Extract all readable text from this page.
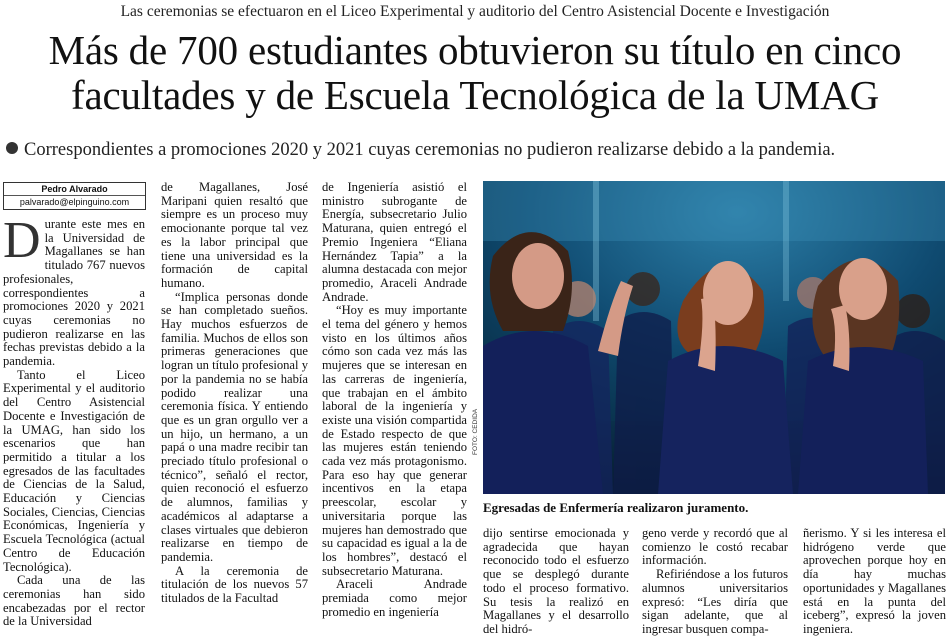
Las ceremonias se efectuaron en el Liceo Experimental y auditorio del Centro Asistencial Docente e Investigación
Más de 700 estudiantes obtuvieron su título en cinco
facultades y de Escuela Tecnológica de la UMAG
Correspondientes a promociones 2020 y 2021 cuyas ceremonias no pudieron realizarse debido a la pandemia.
Pedro Alvarado
palvarado@elpinguino.com

Durante este mes en la Universidad de Magallanes se han titulado 767 nuevos profesionales, correspondientes a promociones 2020 y 2021 cuyas ceremonias no pudieron realizarse en las fechas previstas debido a la pandemia.

Tanto el Liceo Experimental y el auditorio del Centro Asistencial Docente e Investigación de la UMAG, han sido los escenarios que han permitido a titular a los egresados de las facultades de Ciencias de la Salud, Educación y Ciencias Sociales, Ciencias, Ciencias Económicas, Ingeniería y Escuela Tecnológica (actual Centro de Educación Tecnológica).

Cada una de las ceremonias han sido encabezadas por el rector de la Universidad

de Magallanes, José Maripani quien resaltó que siempre es un proceso muy emocionante porque tal vez es la labor principal que tiene una universidad es la formación de capital humano.

“Implica personas donde se han completado sueños. Hay muchos esfuerzos de familia. Muchos de ellos son primeras generaciones que logran un título profesional y por la pandemia no se había podido realizar una ceremonia física. Y entiendo que es un gran orgullo ver a un hijo, un hermano, a un papá o una madre recibir tan preciado título profesional o técnico”, señaló el rector, quien reconoció el esfuerzo de alumnos, familias y académicos al adaptarse a clases virtuales que debieron realizarse en tiempo de pandemia.

A la ceremonia de titulación de los nuevos 57 titulados de la Facultad

de Ingeniería asistió el ministro subrogante de Energía, subsecretario Julio Maturana, quien entregó el Premio Ingeniera “Eliana Hernández Tapia” a la alumna destacada con mejor promedio, Araceli Andrade Andrade.

“Hoy es muy importante el tema del género y hemos visto en los últimos años cómo son cada vez más las mujeres que se interesan en las carreras de ingeniería, que trabajan en el ámbito laboral de la ingeniería y existe una visión compartida de Estado respecto de que las mujeres están teniendo cada vez más protagonismo. Para eso hay que generar incentivos en la etapa preescolar, escolar y universitaria porque las mujeres han demostrado que su capacidad es igual a la de los hombres”, destacó el subsecretario Maturana.

Araceli Andrade premiada como mejor promedio en ingeniería

FOTO: CEDIDA
Egresadas de Enfermería realizaron juramento.

dijo sentirse emocionada y agradecida que hayan reconocido todo el esfuerzo que se desplegó durante todo el proceso formativo. Su tesis la realizó en Magallanes y el desarrollo del hidró-

geno verde y recordó que al comienzo le costó recabar información.

Refiriéndose a los futuros alumnos universitarios expresó: “Les diría que sigan adelante, que al ingresar busquen compa-

ñerismo. Y si les interesa el hidrógeno verde que aprovechen porque hoy en día hay muchas oportunidades y Magallanes está en la punta del iceberg”, expresó la joven ingeniera.
